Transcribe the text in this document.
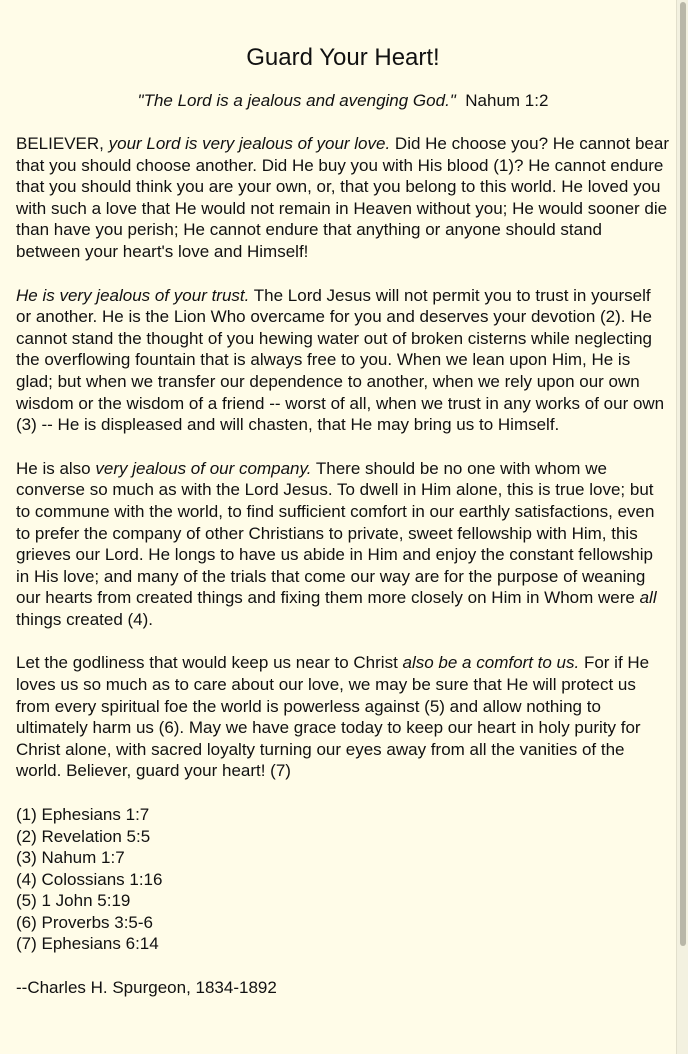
Guard Your Heart!

"The Lord is a jealous and avenging God." Nahum 1:2

BELIEVER, your Lord is very jealous of your love. Did He choose you? He cannot bear that you should choose another. Did He buy you with His blood (1)? He cannot endure that you should think you are your own, or, that you belong to this world. He loved you with such a love that He would not remain in Heaven without you; He would sooner die than have you perish; He cannot endure that anything or anyone should stand between your heart's love and Himself!

He is very jealous of your trust. The Lord Jesus will not permit you to trust in yourself or another. He is the Lion Who overcame for you and deserves your devotion (2). He cannot stand the thought of you hewing water out of broken cisterns while neglecting the overflowing fountain that is always free to you. When we lean upon Him, He is glad; but when we transfer our dependence to another, when we rely upon our own wisdom or the wisdom of a friend -- worst of all, when we trust in any works of our own (3) -- He is displeased and will chasten, that He may bring us to Himself.

He is also very jealous of our company. There should be no one with whom we converse so much as with the Lord Jesus. To dwell in Him alone, this is true love; but to commune with the world, to find sufficient comfort in our earthly satisfactions, even to prefer the company of other Christians to private, sweet fellowship with Him, this grieves our Lord. He longs to have us abide in Him and enjoy the constant fellowship in His love; and many of the trials that come our way are for the purpose of weaning our hearts from created things and fixing them more closely on Him in Whom were all things created (4).

Let the godliness that would keep us near to Christ also be a comfort to us. For if He loves us so much as to care about our love, we may be sure that He will protect us from every spiritual foe the world is powerless against (5) and allow nothing to ultimately harm us (6). May we have grace today to keep our heart in holy purity for Christ alone, with sacred loyalty turning our eyes away from all the vanities of the world. Believer, guard your heart! (7)

(1) Ephesians 1:7
(2) Revelation 5:5
(3) Nahum 1:7
(4) Colossians 1:16
(5) 1 John 5:19
(6) Proverbs 3:5-6
(7) Ephesians 6:14
--Charles H. Spurgeon, 1834-1892
